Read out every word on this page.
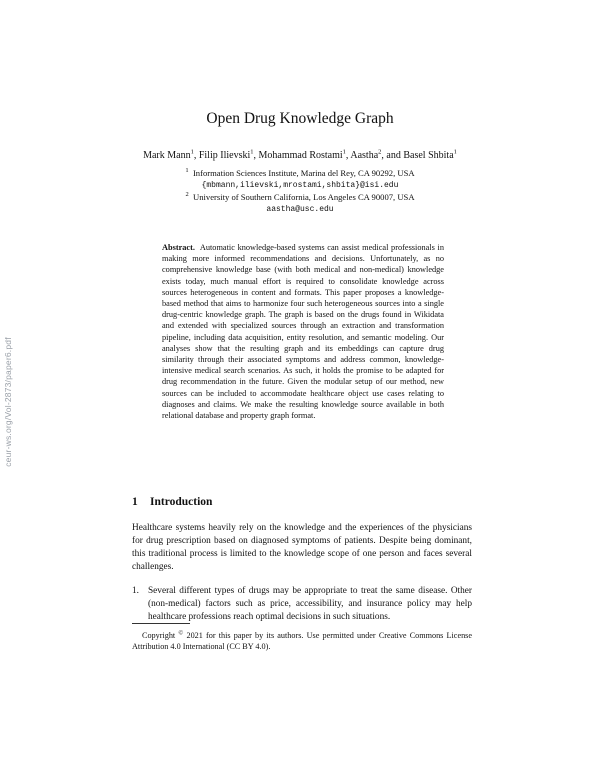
ceur-ws.org/Vol-2873/paper6.pdf
Open Drug Knowledge Graph
Mark Mann$^1$, Filip Ilievski$^1$, Mohammad Rostami$^1$, Aastha$^2$, and Basel Shbita$^1$
$^1$ Information Sciences Institute, Marina del Rey, CA 90292, USA
{mbmann,ilievski,mrostami,shbita}@isi.edu
$^2$ University of Southern California, Los Angeles CA 90007, USA
aastha@usc.edu
Abstract. Automatic knowledge-based systems can assist medical professionals in making more informed recommendations and decisions. Unfortunately, as no comprehensive knowledge base (with both medical and non-medical) knowledge exists today, much manual effort is required to consolidate knowledge across sources heterogeneous in content and formats. This paper proposes a knowledge-based method that aims to harmonize four such heterogeneous sources into a single drug-centric knowledge graph. The graph is based on the drugs found in Wikidata and extended with specialized sources through an extraction and transformation pipeline, including data acquisition, entity resolution, and semantic modeling. Our analyses show that the resulting graph and its embeddings can capture drug similarity through their associated symptoms and address common, knowledge-intensive medical search scenarios. As such, it holds the promise to be adapted for drug recommendation in the future. Given the modular setup of our method, new sources can be included to accommodate healthcare object use cases relating to diagnoses and claims. We make the resulting knowledge source available in both relational database and property graph format.
1 Introduction
Healthcare systems heavily rely on the knowledge and the experiences of the physicians for drug prescription based on diagnosed symptoms of patients. Despite being dominant, this traditional process is limited to the knowledge scope of one person and faces several challenges.
1. Several different types of drugs may be appropriate to treat the same disease. Other (non-medical) factors such as price, accessibility, and insurance policy may help healthcare professions reach optimal decisions in such situations.
Copyright © 2021 for this paper by its authors. Use permitted under Creative Commons License Attribution 4.0 International (CC BY 4.0).
